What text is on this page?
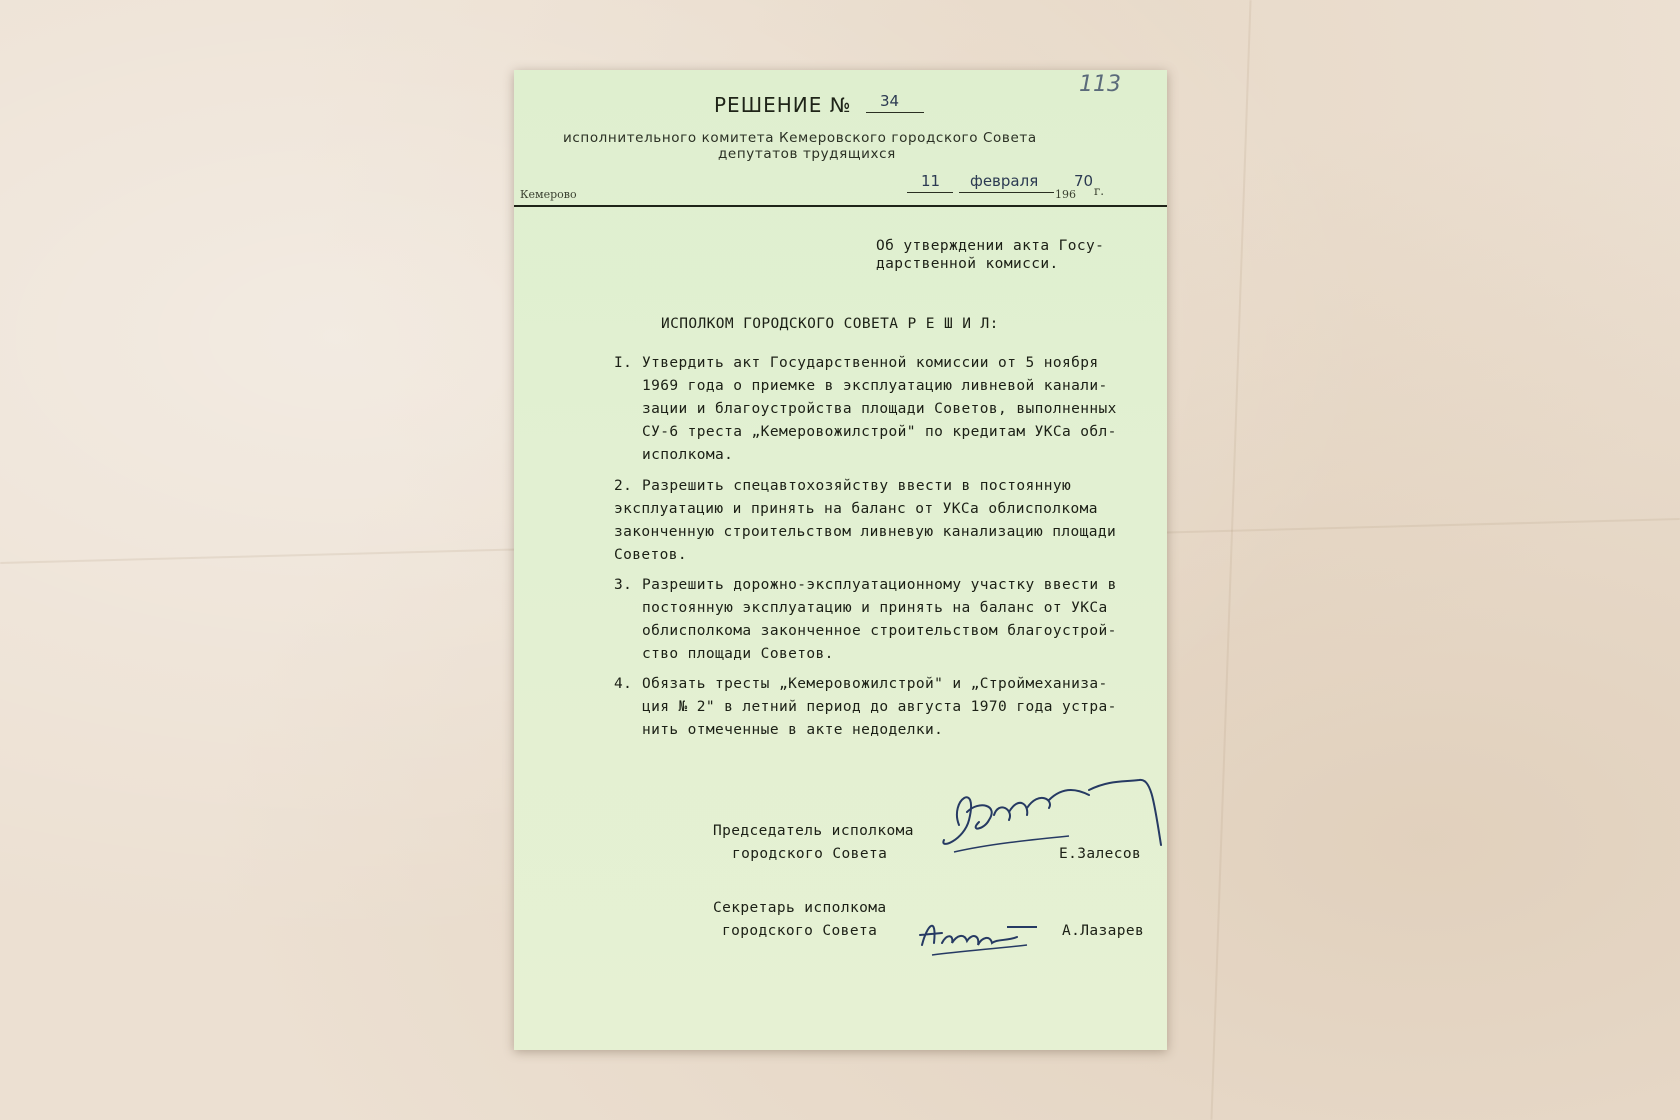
113
РЕШЕНИЕ № 34
исполнительного комитета Кемеровского городского Совета
депутатов трудящихся
Кемерово
11 февраля
196
70
г.
Об утверждении акта Госу-
дарственной комисси.
ИСПОЛКОМ ГОРОДСКОГО СОВЕТА Р Е Ш И Л:
I. Утвердить акт Государственной комиссии от 5 ноября
1969 года о приемке в эксплуатацию ливневой канали-
зации и благоустройства площади Советов, выполненных
СУ-6 треста „Кемеровожилстрой" по кредитам УКСа обл-
исполкома.
2. Разрешить спецавтохозяйству ввести в постоянную
эксплуатацию и принять на баланс от УКСа облисполкома
законченную строительством ливневую канализацию площади
Советов.
3. Разрешить дорожно-эксплуатационному участку ввести в
постоянную эксплуатацию и принять на баланс от УКСа
облисполкома законченное строительством благоустрой-
ство площади Советов.
4. Обязать тресты „Кемеровожилстрой" и „Строймеханиза-
ция № 2" в летний период до августа 1970 года устра-
нить отмеченные в акте недоделки.
Председатель исполкома
городского Совета	Е.Залесов
Секретарь исполкома
городского Совета	А.Лазарев
